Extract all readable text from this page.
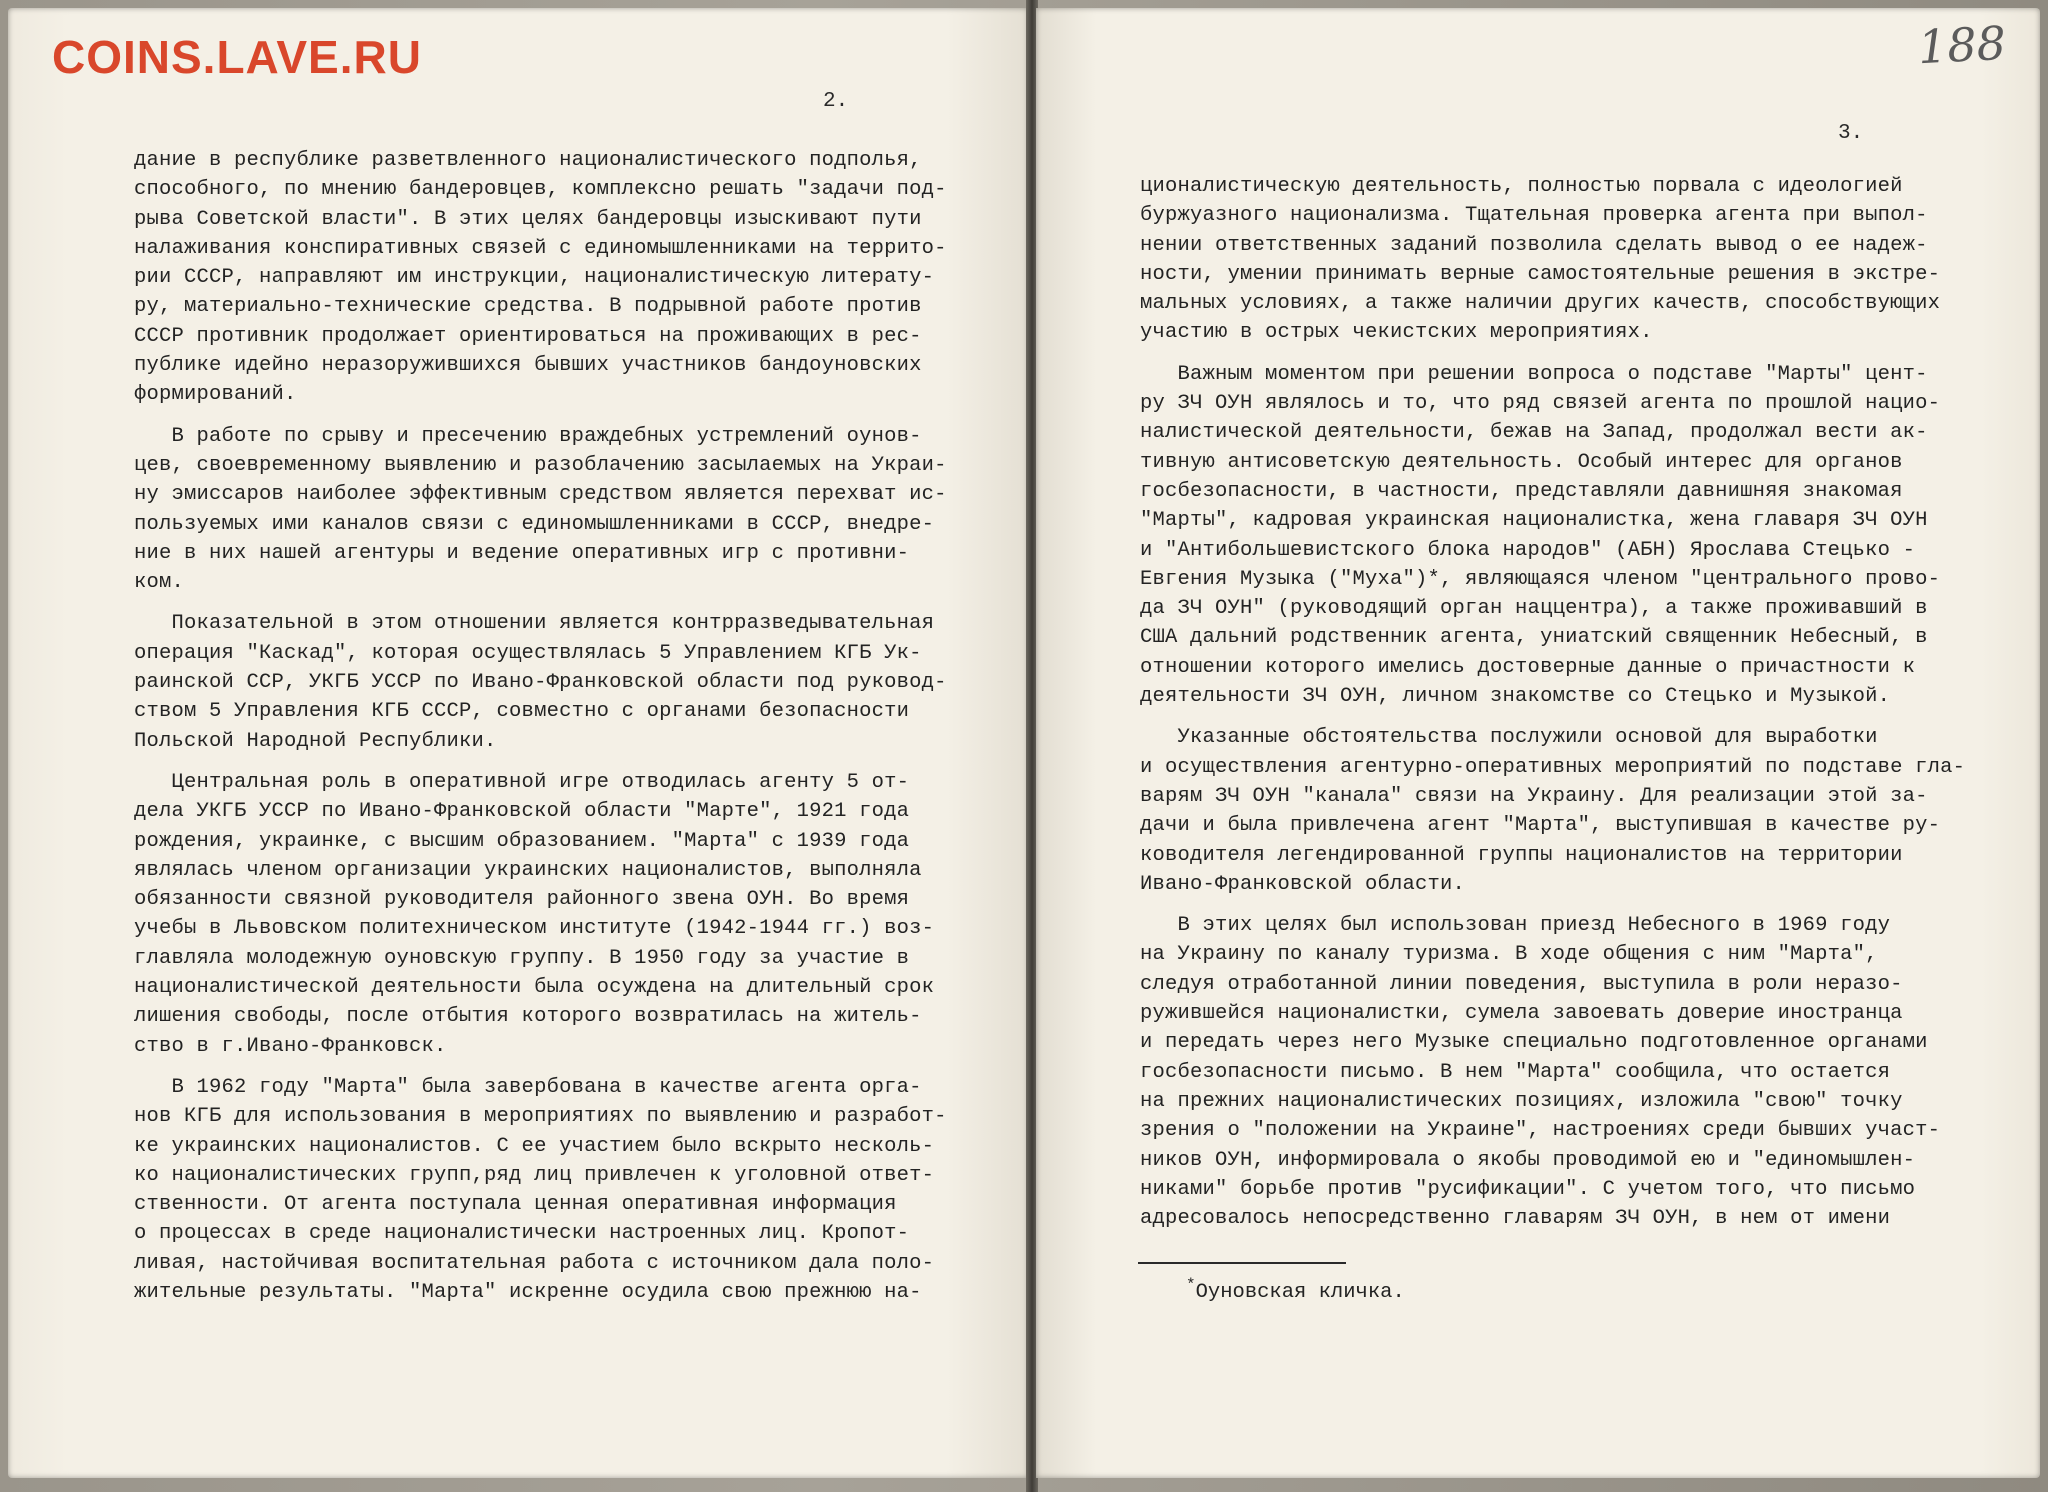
COINS.LAVE.RU	188
2.
3.
дание в республике разветвленного националистического подполья,
способного, по мнению бандеровцев, комплексно решать "задачи под-
рыва Советской власти". В этих целях бандеровцы изыскивают пути
налаживания конспиративных связей с единомышленниками на террито-
рии СССР, направляют им инструкции, националистическую литерату-
ру, материально-технические средства. В подрывной работе против
СССР противник продолжает ориентироваться на проживающих в рес-
публике идейно неразоружившихся бывших участников бандоуновских
формирований.
В работе по срыву и пресечению враждебных устремлений оунов-
цев, своевременному выявлению и разоблачению засылаемых на Украи-
ну эмиссаров наиболее эффективным средством является перехват ис-
пользуемых ими каналов связи с единомышленниками в СССР, внедре-
ние в них нашей агентуры и ведение оперативных игр с противни-
ком.
Показательной в этом отношении является контрразведывательная
операция "Каскад", которая осуществлялась 5 Управлением КГБ Ук-
раинской ССР, УКГБ УССР по Ивано-Франковской области под руковод-
ством 5 Управления КГБ СССР, совместно с органами безопасности
Польской Народной Республики.
Центральная роль в оперативной игре отводилась агенту 5 от-
дела УКГБ УССР по Ивано-Франковской области "Марте", 1921 года
рождения, украинке, с высшим образованием. "Марта" с 1939 года
являлась членом организации украинских националистов, выполняла
обязанности связной руководителя районного звена ОУН. Во время
учебы в Львовском политехническом институте (1942-1944 гг.) воз-
главляла молодежную оуновскую группу. В 1950 году за участие в
националистической деятельности была осуждена на длительный срок
лишения свободы, после отбытия которого возвратилась на житель-
ство в г.Ивано-Франковск.
В 1962 году "Марта" была завербована в качестве агента орга-
нов КГБ для использования в мероприятиях по выявлению и разработ-
ке украинских националистов. С ее участием было вскрыто несколь-
ко националистических групп,ряд лиц привлечен к уголовной ответ-
ственности. От агента поступала ценная оперативная информация
о процессах в среде националистически настроенных лиц. Кропот-
ливая, настойчивая воспитательная работа с источником дала поло-
жительные результаты. "Марта" искренне осудила свою прежнюю на-
ционалистическую деятельность, полностью порвала с идеологией
буржуазного национализма. Тщательная проверка агента при выпол-
нении ответственных заданий позволила сделать вывод о ее надеж-
ности, умении принимать верные самостоятельные решения в экстре-
мальных условиях, а также наличии других качеств, способствующих
участию в острых чекистских мероприятиях.
Важным моментом при решении вопроса о подставе "Марты" цент-
ру ЗЧ ОУН являлось и то, что ряд связей агента по прошлой нацио-
налистической деятельности, бежав на Запад, продолжал вести ак-
тивную антисоветскую деятельность. Особый интерес для органов
госбезопасности, в частности, представляли давнишняя знакомая
"Марты", кадровая украинская националистка, жена главаря ЗЧ ОУН
и "Антибольшевистского блока народов" (АБН) Ярослава Стецько -
Евгения Музыка ("Муха")*, являющаяся членом "центрального прово-
да ЗЧ ОУН" (руководящий орган наццентра), а также проживавший в
США дальний родственник агента, униатский священник Небесный, в
отношении которого имелись достоверные данные о причастности к
деятельности ЗЧ ОУН, личном знакомстве со Стецько и Музыкой.
Указанные обстоятельства послужили основой для выработки
и осуществления агентурно-оперативных мероприятий по подставе гла-
варям ЗЧ ОУН "канала" связи на Украину. Для реализации этой за-
дачи и была привлечена агент "Марта", выступившая в качестве ру-
ководителя легендированной группы националистов на территории
Ивано-Франковской области.
В этих целях был использован приезд Небесного в 1969 году
на Украину по каналу туризма. В ходе общения с ним "Марта",
следуя отработанной линии поведения, выступила в роли неразо-
ружившейся националистки, сумела завоевать доверие иностранца
и передать через него Музыке специально подготовленное органами
госбезопасности письмо. В нем "Марта" сообщила, что остается
на прежних националистических позициях, изложила "свою" точку
зрения о "положении на Украине", настроениях среди бывших участ-
ников ОУН, информировала о якобы проводимой ею и "единомышлен-
никами" борьбе против "русификации". С учетом того, что письмо
адресовалось непосредственно главарям ЗЧ ОУН, в нем от имени
*Оуновская кличка.
